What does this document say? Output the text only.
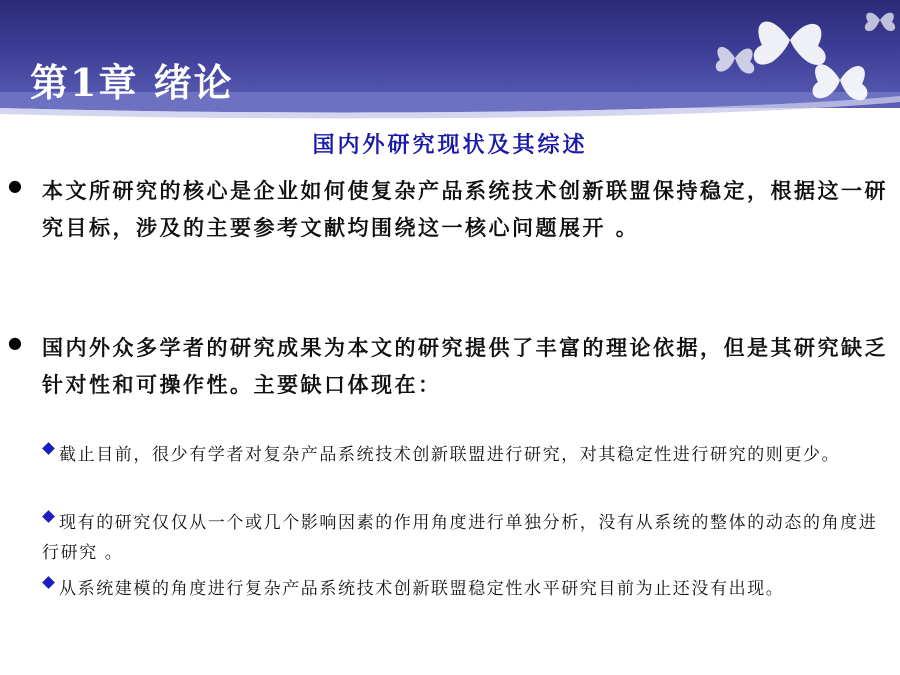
第1章 绪论
国内外研究现状及其综述
● 本文所研究的核心是企业如何使复杂产品系统技术创新联盟保持稳定，根据这一研究目标，涉及的主要参考文献均围绕这一核心问题展开 。
● 国内外众多学者的研究成果为本文的研究提供了丰富的理论依据，但是其研究缺乏针对性和可操作性。主要缺口体现在：
截止目前，很少有学者对复杂产品系统技术创新联盟进行研究，对其稳定性进行研究的则更少。
现有的研究仅仅从一个或几个影响因素的作用角度进行单独分析，没有从系统的整体的动态的角度进行研究 。
从系统建模的角度进行复杂产品系统技术创新联盟稳定性水平研究目前为止还没有出现。
